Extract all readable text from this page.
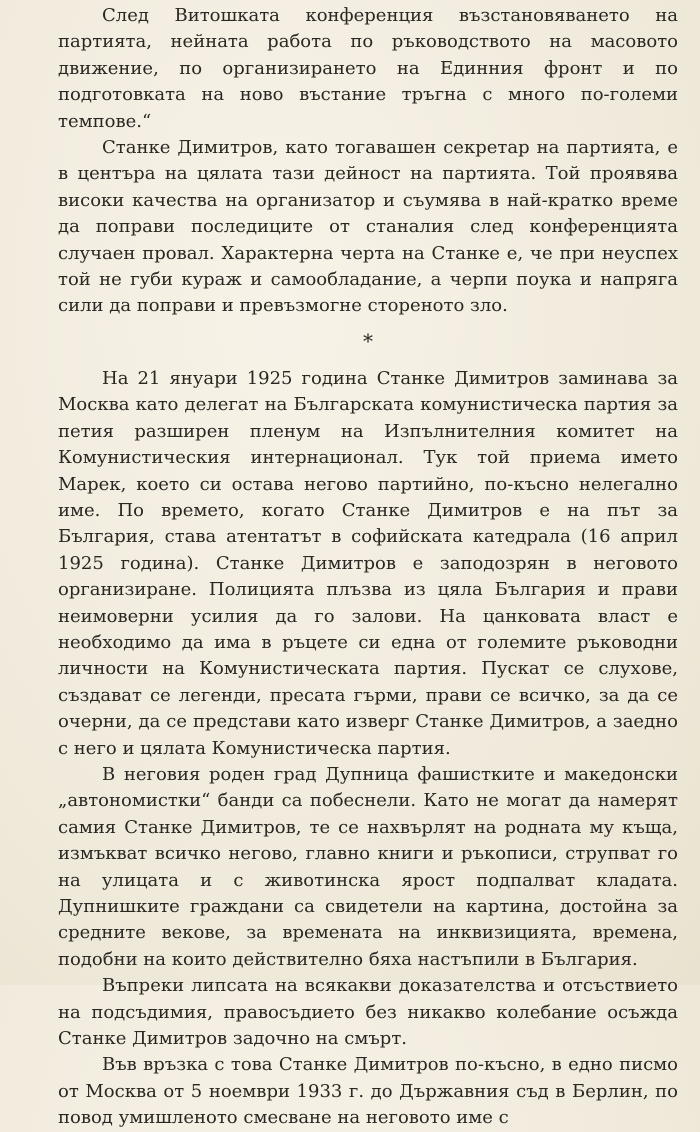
След Витошката конференция възстановяването на партията, нейната работа по ръководството на масовото движение, по организирането на Единния фронт и по подготовката на ново въстание тръгна с много по-големи темпове.“

Станке Димитров, като тогавашен секретар на партията, е в центъра на цялата тази дейност на партията. Той проявява високи качества на организатор и съумява в най-кратко време да поправи последиците от станалия след конференцията случаен провал. Характерна черта на Станке е, че при неуспех той не губи кураж и самообладание, а черпи поука и напряга сили да поправи и превъзмогне стореното зло.

*

На 21 януари 1925 година Станке Димитров заминава за Москва като делегат на Българската комунистическа партия за петия разширен пленум на Изпълнителния комитет на Комунистическия интернационал. Тук той приема името Марек, което си остава негово партийно, по-късно нелегално име. По времето, когато Станке Димитров е на път за България, става атентатът в софийската катедрала (16 април 1925 година). Станке Димитров е заподозрян в неговото организиране. Полицията плъзва из цяла България и прави неимоверни усилия да го залови. На цанковата власт е необходимо да има в ръцете си една от големите ръководни личности на Комунистическата партия. Пускат се слухове, създават се легенди, пресата гърми, прави се всичко, за да се очерни, да се представи като изверг Станке Димитров, а заедно с него и цялата Комунистическа партия.

В неговия роден град Дупница фашистките и македонски „автономистки“ банди са побеснели. Като не могат да намерят самия Станке Димитров, те се нахвърлят на родната му къща, измъкват всичко негово, главно книги и ръкописи, струпват го на улицата и с животинска ярост подпалват кладата. Дупнишките граждани са свидетели на картина, достойна за средните векове, за времената на инквизицията, времена, подобни на които действително бяха настъпили в България.

Въпреки липсата на всякакви доказателства и отсъствието на подсъдимия, правосъдието без никакво колебание осъжда Станке Димитров задочно на смърт.

Във връзка с това Станке Димитров по-късно, в едно писмо от Москва от 5 ноември 1933 г. до Държавния съд в Берлин, по повод умишленото смесване на неговото име с
